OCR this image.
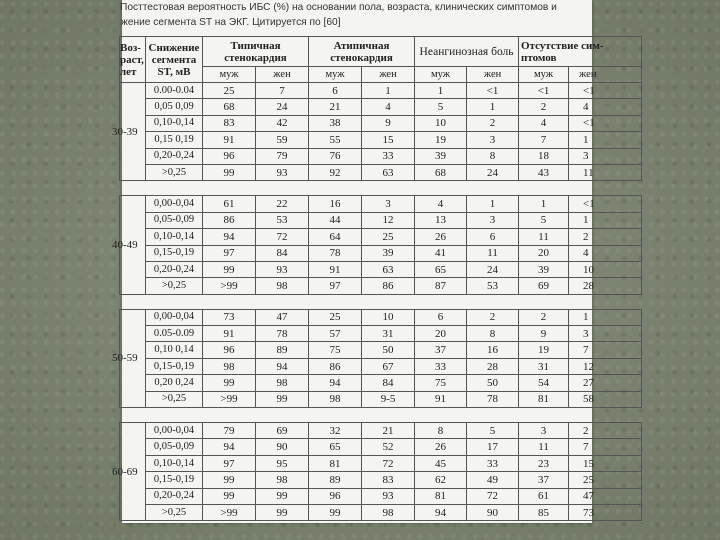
Посттестовая вероятность ИБС (%) на основании пола, возраста, клинических симптомов и
жение сегмента ST на ЭКГ. Цитируется по [60]
Воз-
раст,
лет	Снижение
сегмента
ST, мВ	Типичная
стенокардия		Атипичная
стенокардия		Неангинозная боль		Отсутствие сим-
птомов	
		муж	жен	муж	жен	муж	жен	муж	жен
30-39	0.00-0.04	25	7	6	1	1	<1	<1	<1
	0,05 0,09	68	24	21	4	5	1	2	4
	0,10-0,14	83	42	38	9	10	2	4	<1
	0,15 0,19	91	59	55	15	19	3	7	1
	0,20-0,24	96	79	76	33	39	8	18	3
	>0,25	99	93	92	63	68	24	43	11

40-49	0,00-0,04	61	22	16	3	4	1	1	<1
	0,05-0,09	86	53	44	12	13	3	5	1
	0,10-0,14	94	72	64	25	26	6	11	2
	0,15-0,19	97	84	78	39	41	11	20	4
	0,20-0,24	99	93	91	63	65	24	39	10
	>0,25	>99	98	97	86	87	53	69	28

50-59	0,00-0,04	73	47	25	10	6	2	2	1
	0.05-0.09	91	78	57	31	20	8	9	3
	0,10 0,14	96	89	75	50	37	16	19	7
	0,15-0,19	98	94	86	67	33	28	31	12
	0,20 0,24	99	98	94	84	75	50	54	27
	>0,25	>99	99	98	9-5	91	78	81	58

60-69	0,00-0,04	79	69	32	21	8	5	3	2
	0,05-0,09	94	90	65	52	26	17	11	7
	0,10-0,14	97	95	81	72	45	33	23	15
	0,15-0,19	99	98	89	83	62	49	37	25
	0,20-0,24	99	99	96	93	81	72	61	47
	>0,25	>99	99	99	98	94	90	85	73
